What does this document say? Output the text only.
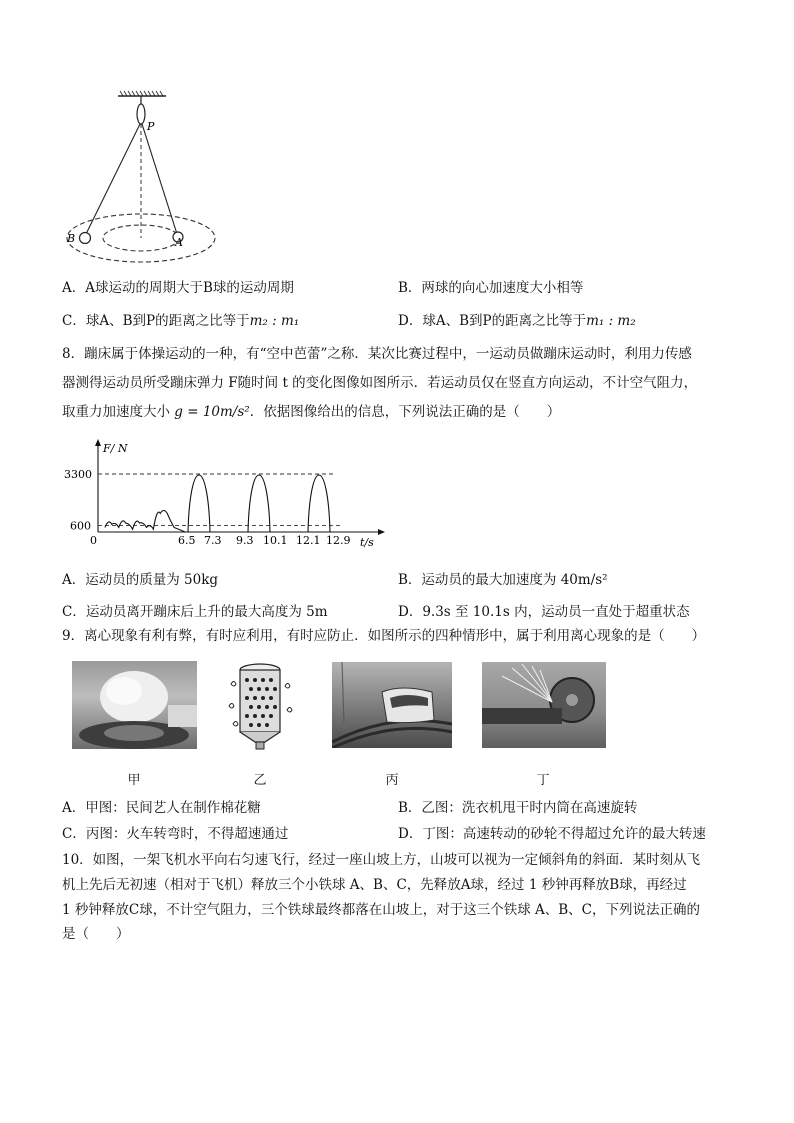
P
B	A
A．A球运动的周期大于B球的运动周期	B．两球的向心加速度大小相等
C．球A、B到P的距离之比等于m₂ : m₁	D．球A、B到P的距离之比等于m₁ : m₂
8．蹦床属于体操运动的一种，有“空中芭蕾”之称．某次比赛过程中，一运动员做蹦床运动时，利用力传感
器测得运动员所受蹦床弹力 F随时间 t 的变化图像如图所示．若运动员仅在竖直方向运动，不计空气阻力，
取重力加速度大小 g = 10m/s²．依据图像给出的信息，下列说法正确的是（　　）
3300
600
F/ N
t/s
0	6.5 7.3 9.3 10.1 12.1 12.9
A．运动员的质量为 50kg	B．运动员的最大加速度为 40m/s²
C．运动员离开蹦床后上升的最大高度为 5m	D．9.3s 至 10.1s 内，运动员一直处于超重状态
9．离心现象有利有弊，有时应利用，有时应防止．如图所示的四种情形中，属于利用离心现象的是（　　）
甲	乙	丙	丁
A．甲图：民间艺人在制作棉花糖	B．乙图：洗衣机甩干时内筒在高速旋转
C．丙图：火车转弯时，不得超速通过	D．丁图：高速转动的砂轮不得超过允许的最大转速
10．如图，一架飞机水平向右匀速飞行，经过一座山坡上方，山坡可以视为一定倾斜角的斜面．某时刻从飞
机上先后无初速（相对于飞机）释放三个小铁球 A、B、C，先释放A球，经过 1 秒钟再释放B球，再经过
1 秒钟释放C球，不计空气阻力，三个铁球最终都落在山坡上，对于这三个铁球 A、B、C，下列说法正确的
是（　　）
